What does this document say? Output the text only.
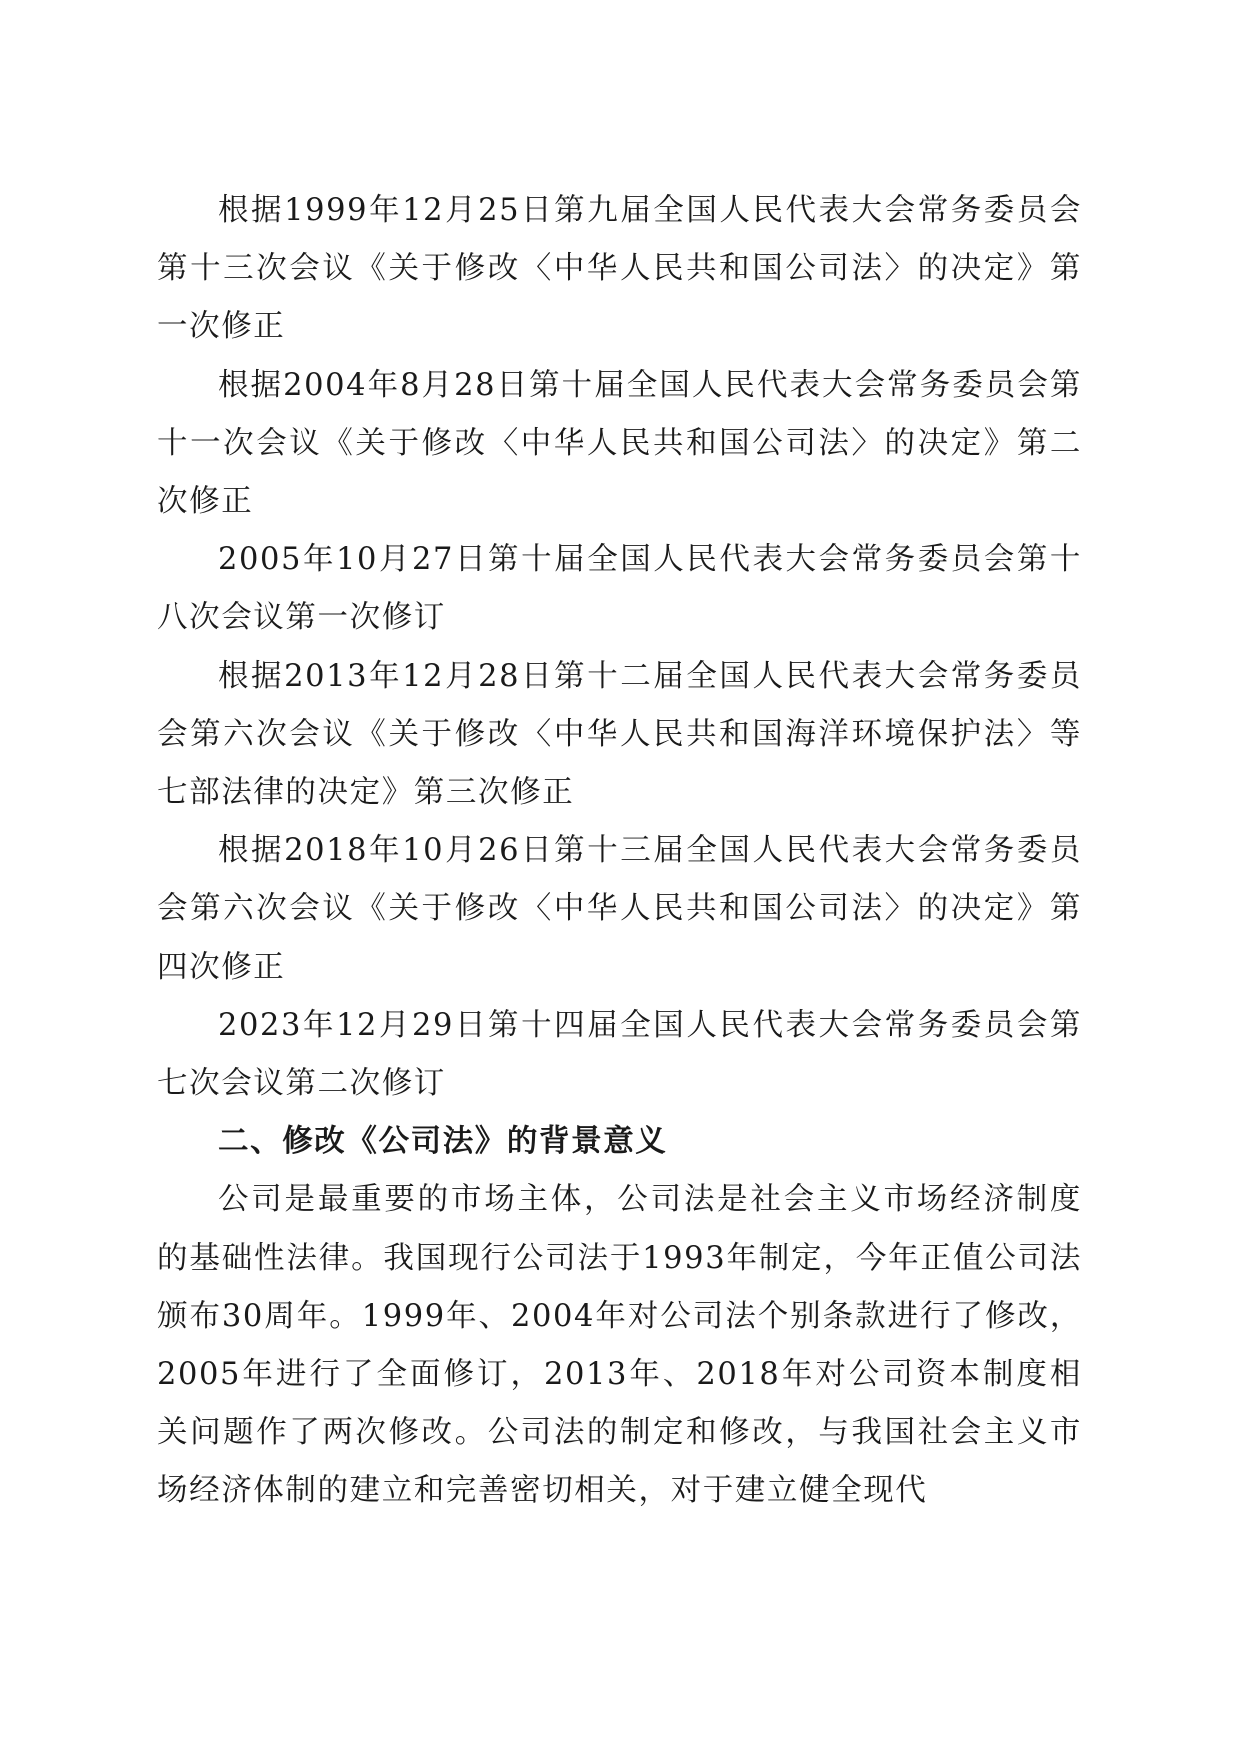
根据1999年12月25日第九届全国人民代表大会常务委员会第十三次会议《关于修改〈中华人民共和国公司法〉的决定》第一次修正

根据2004年8月28日第十届全国人民代表大会常务委员会第十一次会议《关于修改〈中华人民共和国公司法〉的决定》第二次修正

2005年10月27日第十届全国人民代表大会常务委员会第十八次会议第一次修订

根据2013年12月28日第十二届全国人民代表大会常务委员会第六次会议《关于修改〈中华人民共和国海洋环境保护法〉等七部法律的决定》第三次修正

根据2018年10月26日第十三届全国人民代表大会常务委员会第六次会议《关于修改〈中华人民共和国公司法〉的决定》第四次修正

2023年12月29日第十四届全国人民代表大会常务委员会第七次会议第二次修订

二、修改《公司法》的背景意义

公司是最重要的市场主体，公司法是社会主义市场经济制度的基础性法律。我国现行公司法于1993年制定，今年正值公司法颁布30周年。1999年、2004年对公司法个别条款进行了修改，2005年进行了全面修订，2013年、2018年对公司资本制度相关问题作了两次修改。公司法的制定和修改，与我国社会主义市场经济体制的建立和完善密切相关，对于建立健全现代
